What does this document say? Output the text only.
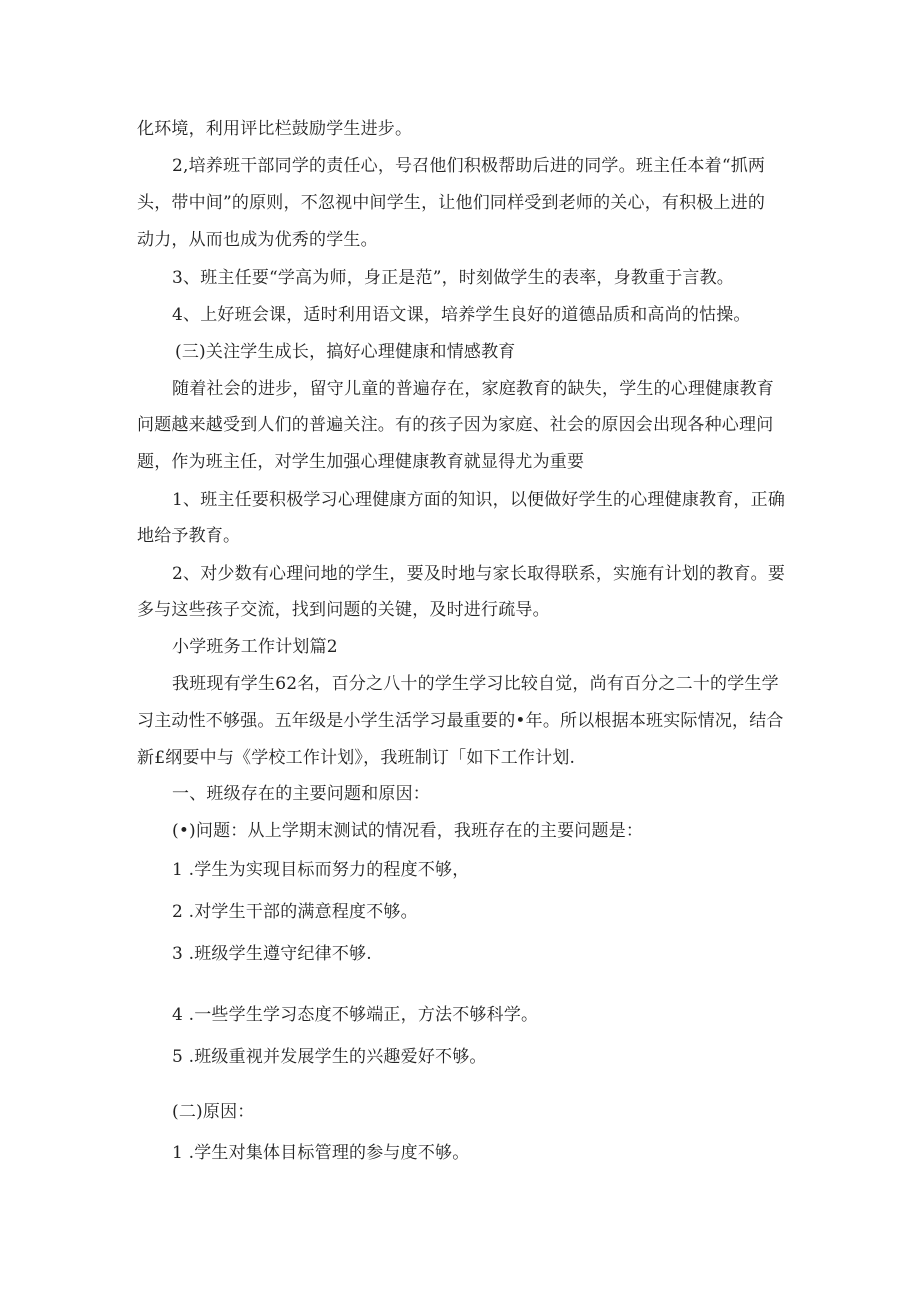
化环境，利用评比栏鼓励学生进步。
2,培养班干部同学的责任心，号召他们积极帮助后进的同学。班主任本着“抓两
头，带中间”的原则，不忽视中间学生，让他们同样受到老师的关心，有积极上进的
动力，从而也成为优秀的学生。
3、班主任要“学高为师，身正是范”，时刻做学生的表率，身教重于言教。
4、上好班会课，适时利用语文课，培养学生良好的道德品质和高尚的怙操。
(三)关注学生成长，搞好心理健康和情感教育
随着社会的进步，留守儿童的普遍存在，家庭教育的缺失，学生的心理健康教育
问题越来越受到人们的普遍关注。有的孩子因为家庭、社会的原因会出现各种心理问
题，作为班主任，对学生加强心理健康教育就显得尤为重要
1、班主任要积极学习心理健康方面的知识，以便做好学生的心理健康教育，正确
地给予教育。
2、对少数有心理问地的学生，要及时地与家长取得联系，实施有计划的教育。要
多与这些孩子交流，找到问题的关键，及时进行疏导。
小学班务工作计划篇2
我班现有学生62名，百分之八十的学生学习比较自觉，尚有百分之二十的学生学
习主动性不够强。五年级是小学生活学习最重要的•年。所以根据本班实际情况，结合
新£纲要中与《学校工作计划》，我班制订「如下工作计划.
一、班级存在的主要问题和原因：
(•)问题：从上学期末测试的情况看，我班存在的主要问题是：
1 .学生为实现目标而努力的程度不够，
2 .对学生干部的满意程度不够。
3 .班级学生遵守纪律不够.
4 .一些学生学习态度不够端正，方法不够科学。
5 .班级重视并发展学生的兴趣爱好不够。
(二)原因：
1 .学生对集体目标管理的参与度不够。
